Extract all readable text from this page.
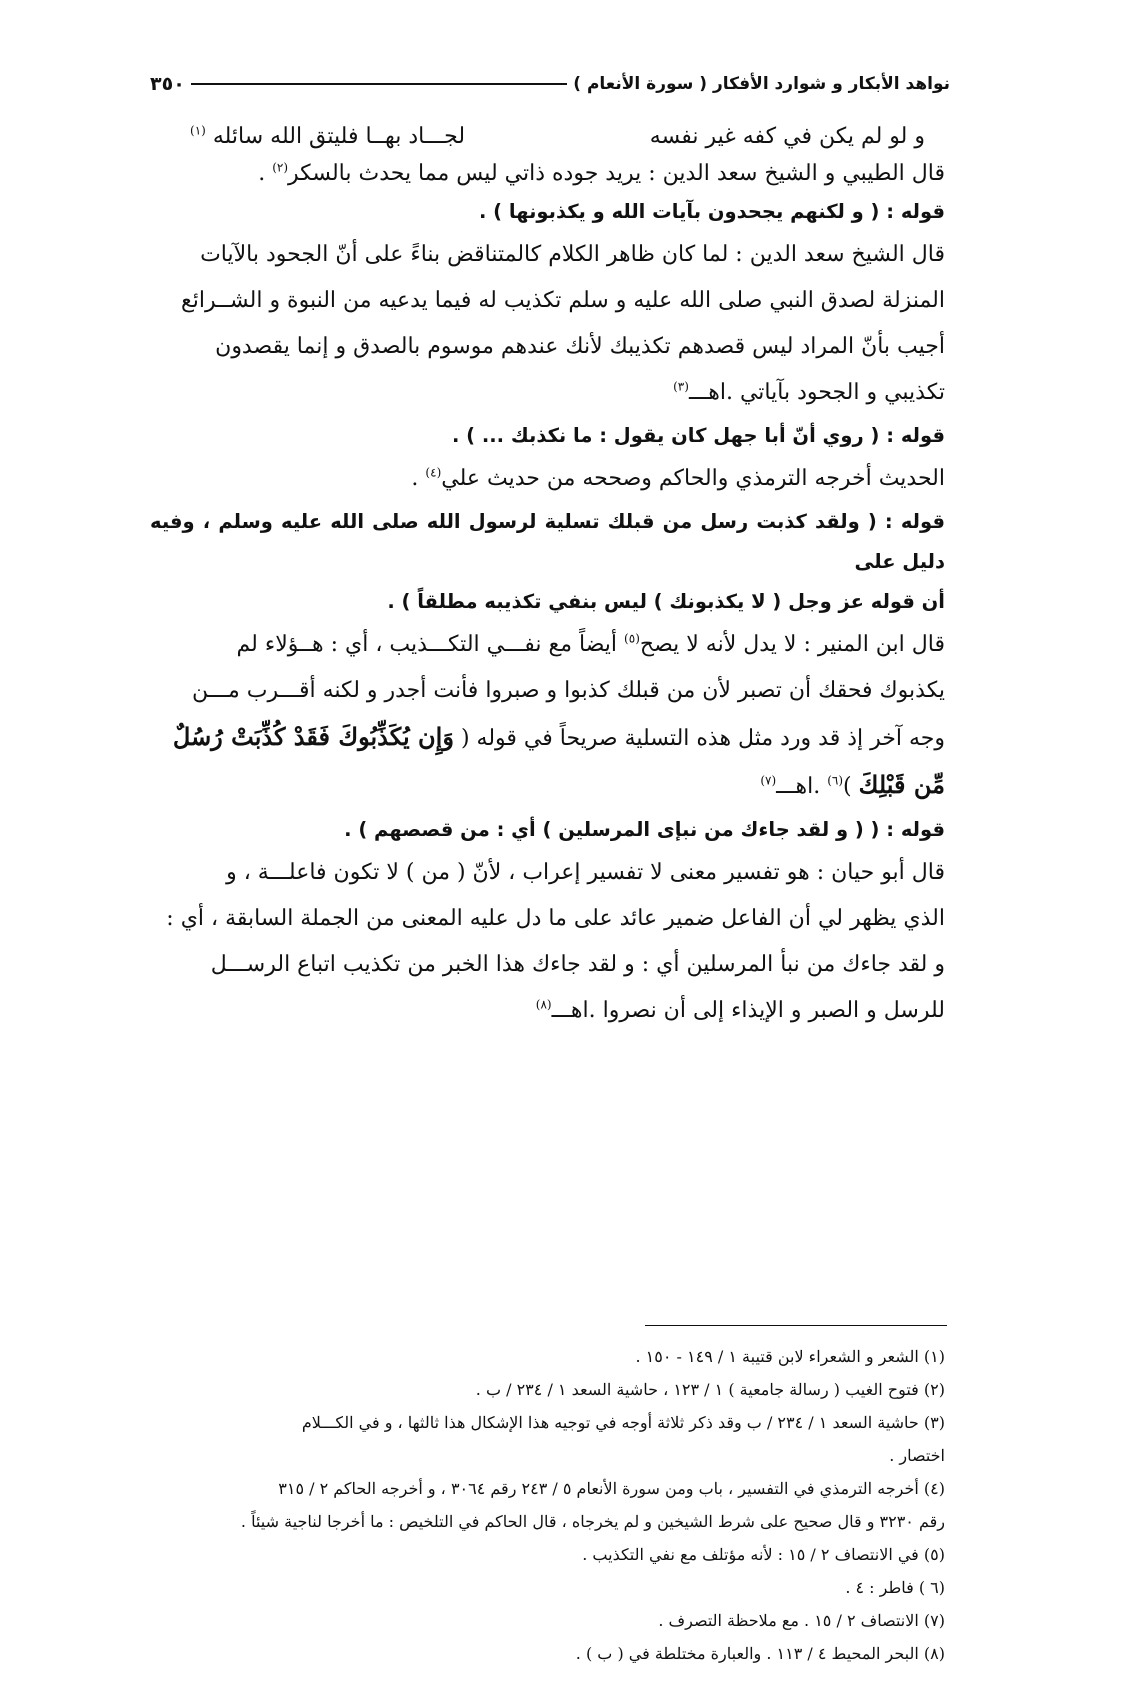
نواهد الأبكار و شوارد الأفكار ( سورة الأنعام )
٣٥٠

و لو لم يكن في كفه غير نفسه
لجـــاد بهــا فليتق الله سائله $^{(١)}$

قال الطيبي و الشيخ سعد الدين : يريد جوده ذاتي ليس مما يحدث بالسكر$^{(٢)}$ .

قوله : ( و لكنهم يجحدون بآيات الله و يكذبونها ) .

قال الشيخ سعد الدين : لما كان ظاهر الكلام كالمتناقض بناءً على أنّ الجحود بالآيات

المنزلة لصدق النبي صلى الله عليه و سلم تكذيب له فيما يدعيه من النبوة و الشــرائع

أجيب بأنّ المراد ليس قصدهم تكذيبك لأنك عندهم موسوم بالصدق و إنما يقصدون

تكذيبي و الجحود بآياتي .اهـــ$^{(٣)}$

قوله : ( روي أنّ أبا جهل كان يقول : ما نكذبك ... ) .

الحديث أخرجه الترمذي والحاكم وصححه من حديث علي$^{(٤)}$ .

قوله : ( ولقد كذبت رسل من قبلك تسلية لرسول الله صلى الله عليه وسلم ، وفيه دليل على

أن قوله عز وجل ( لا يكذبونك ) ليس بنفي تكذيبه مطلقاً ) .

قال ابن المنير : لا يدل لأنه لا يصح$^{(٥)}$ أيضاً مع نفـــي التكـــذيب ، أي : هــؤلاء لم

يكذبوك فحقك أن تصبر لأن من قبلك كذبوا و صبروا فأنت أجدر و لكنه أقـــرب مـــن

وجه آخر إذ قد ورد مثل هذه التسلية صريحاً في قوله ( وَإِن يُكَذِّبُوكَ فَقَدْ كُذِّبَتْ رُسُلٌ

مِّن قَبْلِكَ )$^{(٦)}$ .اهـــ$^{(٧)}$

قوله : ( ( و لقد جاءك من نبإى المرسلين ) أي : من قصصهم ) .

قال أبو حيان : هو تفسير معنى لا تفسير إعراب ، لأنّ ( من ) لا تكون فاعلـــة ، و

الذي يظهر لي أن الفاعل ضمير عائد على ما دل عليه المعنى من الجملة السابقة ، أي :

و لقد جاءك من نبأ المرسلين أي : و لقد جاءك هذا الخبر من تكذيب اتباع الرســـل

للرسل و الصبر و الإيذاء إلى أن نصروا .اهـــ$^{(٨)}$

(١) الشعر و الشعراء لابن قتيبة ١ / ١٤٩ - ١٥٠ .

(٢) فتوح الغيب ( رسالة جامعية ) ١ / ١٢٣ ، حاشية السعد ١ / ٢٣٤ / ب .

(٣) حاشية السعد ١ / ٢٣٤ / ب وقد ذكر ثلاثة أوجه في توجيه هذا الإشكال هذا ثالثها ، و في الكـــلام

اختصار .

(٤) أخرجه الترمذي في التفسير ، باب ومن سورة الأنعام ٥ / ٢٤٣ رقم ٣٠٦٤ ، و أخرجه الحاكم ٢ / ٣١٥

رقم ٣٢٣٠ و قال صحيح على شرط الشيخين و لم يخرجاه ، قال الحاكم في التلخيص : ما أخرجا لناجية شيئاً .

(٥) في الانتصاف ٢ / ١٥ : لأنه مؤتلف مع نفي التكذيب .

(٦ ) فاطر : ٤ .

(٧) الانتصاف ٢ / ١٥ . مع ملاحظة التصرف .

(٨) البحر المحيط ٤ / ١١٣ . والعبارة مختلطة في ( ب ) .
